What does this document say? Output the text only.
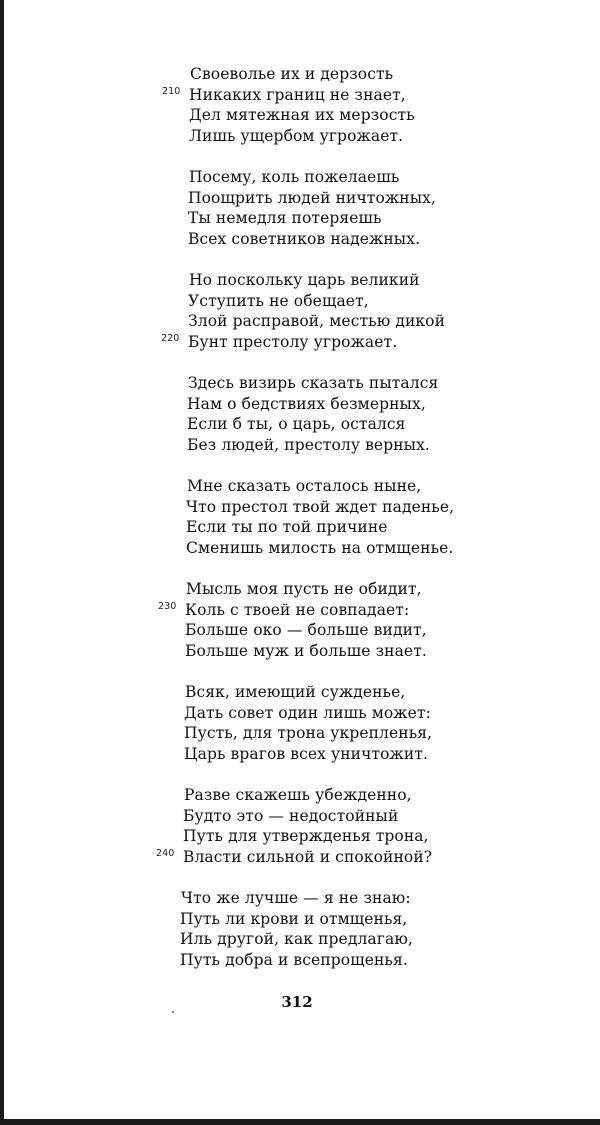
Своеволье их и дерзость
Никаких границ не знает,
210
Дел мятежная их мерзость
Лишь ущербом угрожает.
Посему, коль пожелаешь
Поощрить людей ничтожных,
Ты немедля потеряешь
Всех советников надежных.
Но поскольку царь великий
Уступить не обещает,
Злой расправой, местью дикой
Бунт престолу угрожает.
220
Здесь визирь сказать пытался
Нам о бедствиях безмерных,
Если б ты, о царь, остался
Без людей, престолу верных.
Мне сказать осталось ныне,
Что престол твой ждет паденье,
Если ты по той причине
Сменишь милость на отмщенье.
Мысль моя пусть не обидит,
Коль с твоей не совпадает:
230
Больше око — больше видит,
Больше муж и больше знает.
Всяк, имеющий сужденье,
Дать совет один лишь может:
Пусть, для трона укрепленья,
Царь врагов всех уничтожит.
Разве скажешь убежденно,
Будто это — недостойный
Путь для утвержденья трона,
Власти сильной и спокойной?
240
Что же лучше — я не знаю:
Путь ли крови и отмщенья,
Иль другой, как предлагаю,
Путь добра и всепрощенья.
312
